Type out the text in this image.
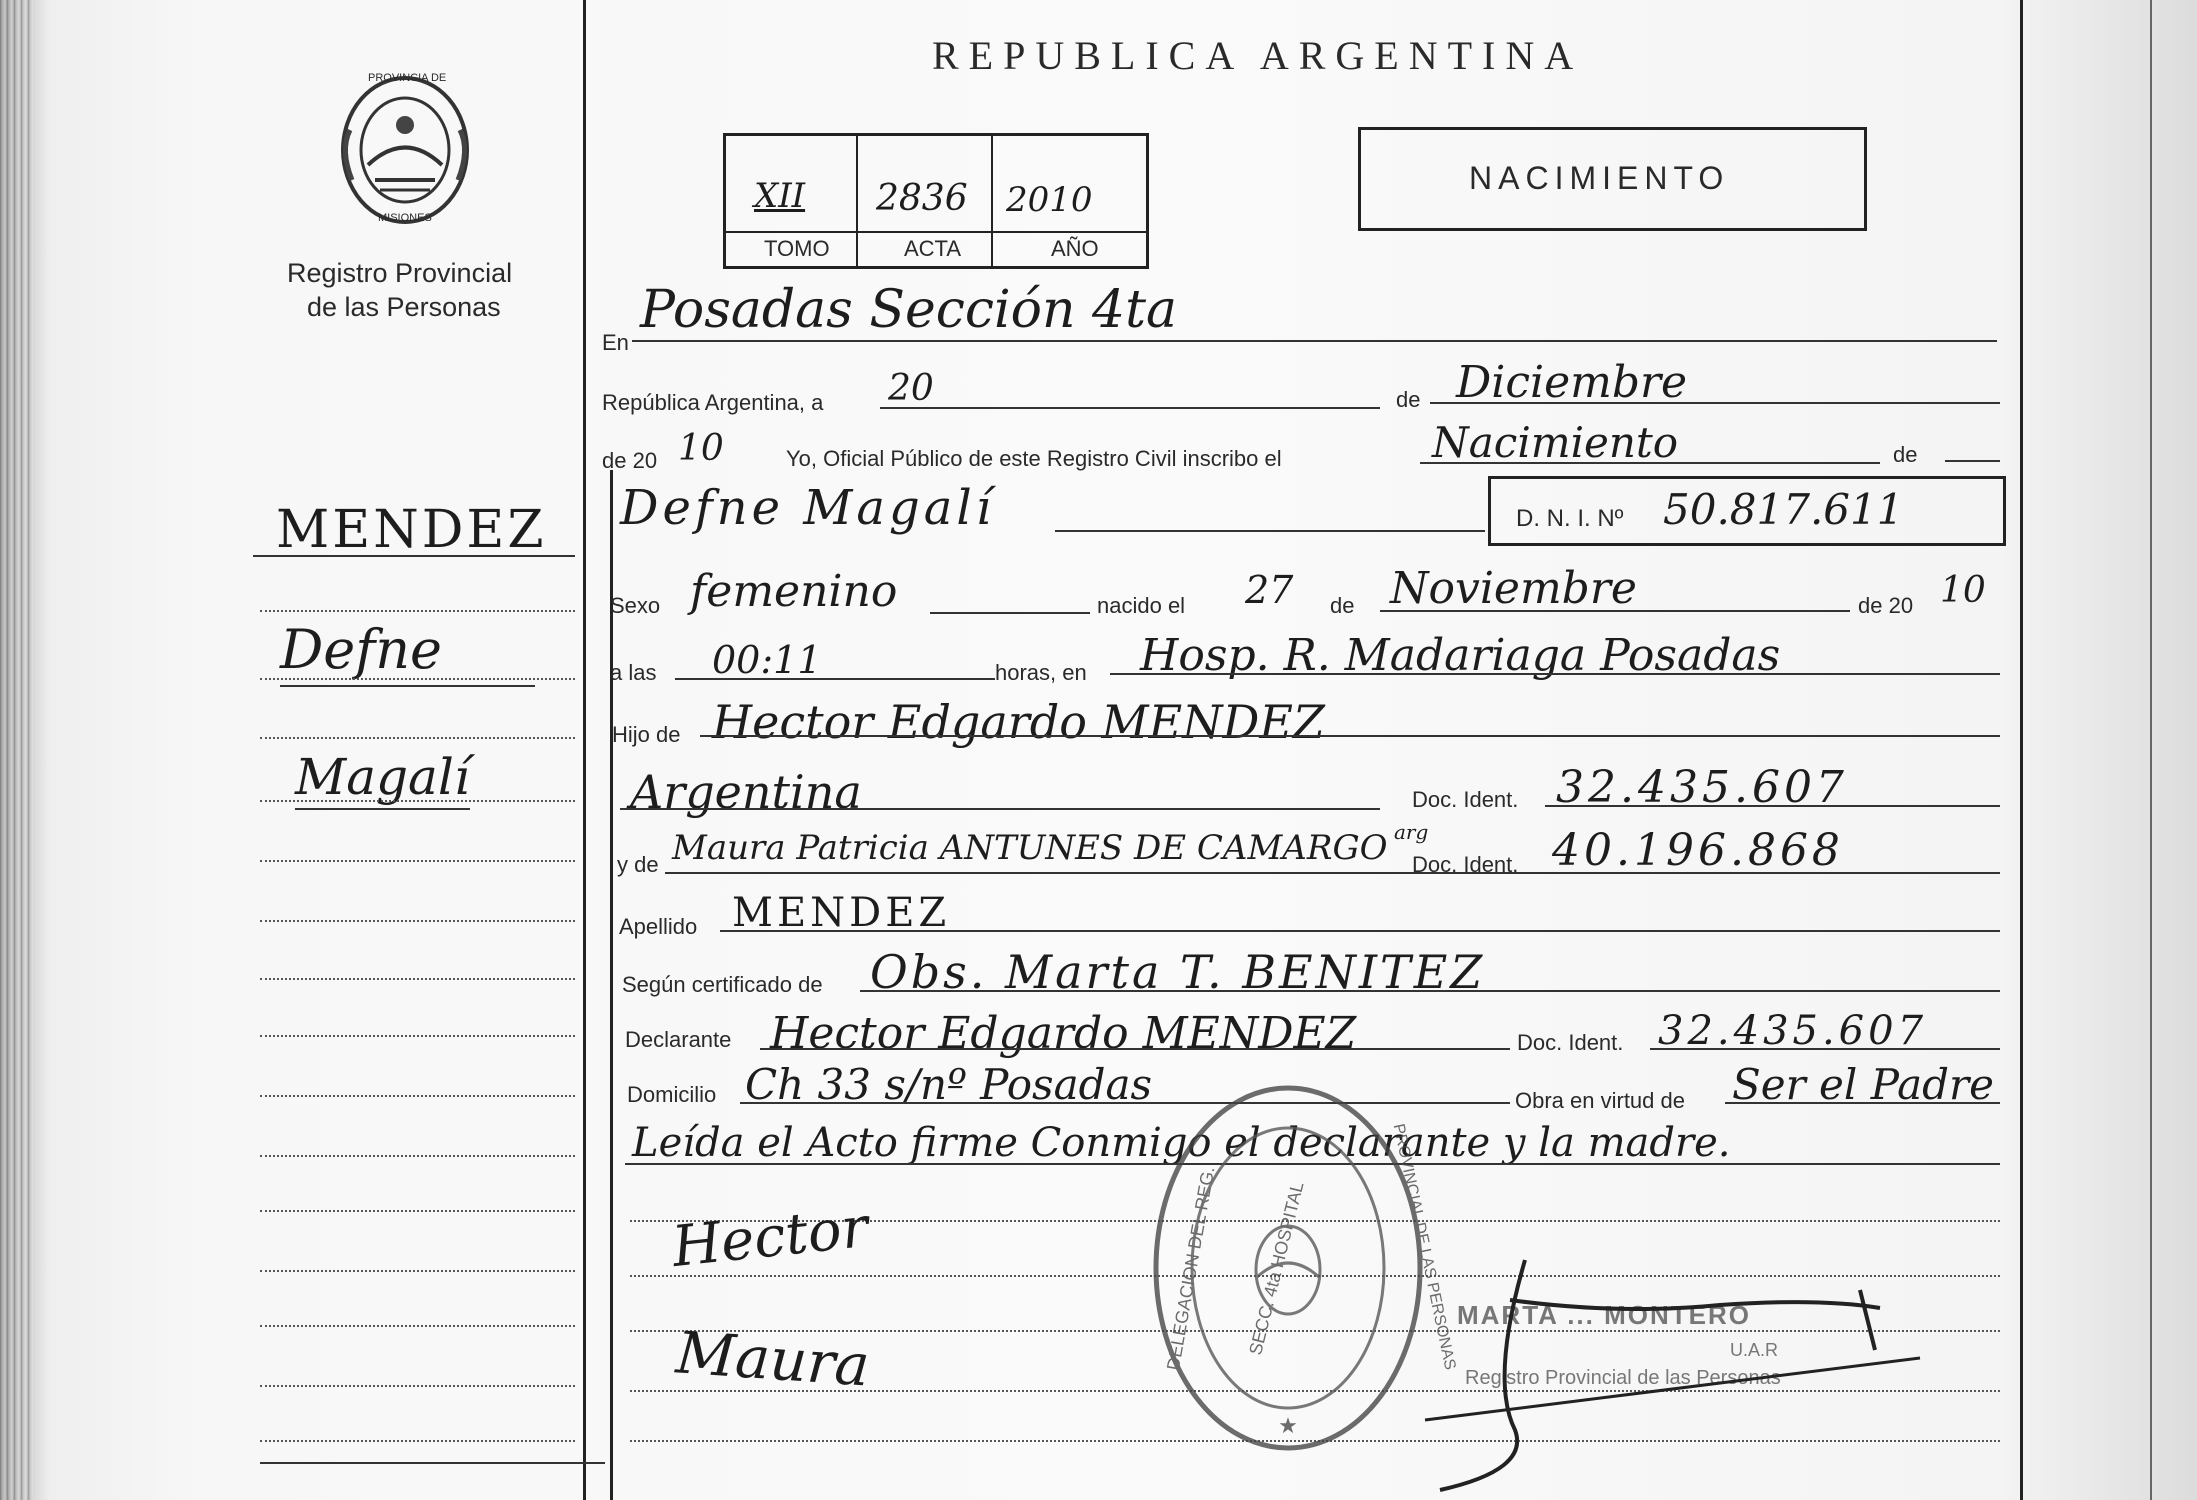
PROVINCIA DE
MISIONES
Registro Provincial
de las Personas
REPUBLICA ARGENTINA
XII 2836 2010
TOMO	ACTA	AÑO
NACIMIENTO
MENDEZ
Defne
Magalí
En
Posadas Sección 4ta
República Argentina, a 20	de Diciembre
de 20 10	Yo, Oficial Público de este Registro Civil inscribo el	Nacimiento	de
Defne Magalí	D. N. I. Nº 50.817.611
Sexo femenino	nacido el 27 de Noviembre	de 20 10
a las 00:11	horas, en Hosp. R. Madariaga Posadas
Hijo de Hector Edgardo MENDEZ
Argentina	Doc. Ident. 32.435.607
y de Maura Patricia ANTUNES DE CAMARGO arg
Doc. Ident. 40.196.868
Apellido MENDEZ
Según certificado de Obs. Marta T. BENITEZ
Declarante Hector Edgardo MENDEZ	Doc. Ident. 32.435.607
Domicilio Ch 33 s/nº Posadas	Obra en virtud de Ser el Padre
Leída el Acto firme Conmigo el declarante y la madre.
Hector
Maura
★
DELEGACION DEL REG.	PROVINCIAL DE LAS PERSONAS
SECC. 4ta HOSPITAL	MARTA ... MONTERO
U.A.R
Registro Provincial de las Personas
